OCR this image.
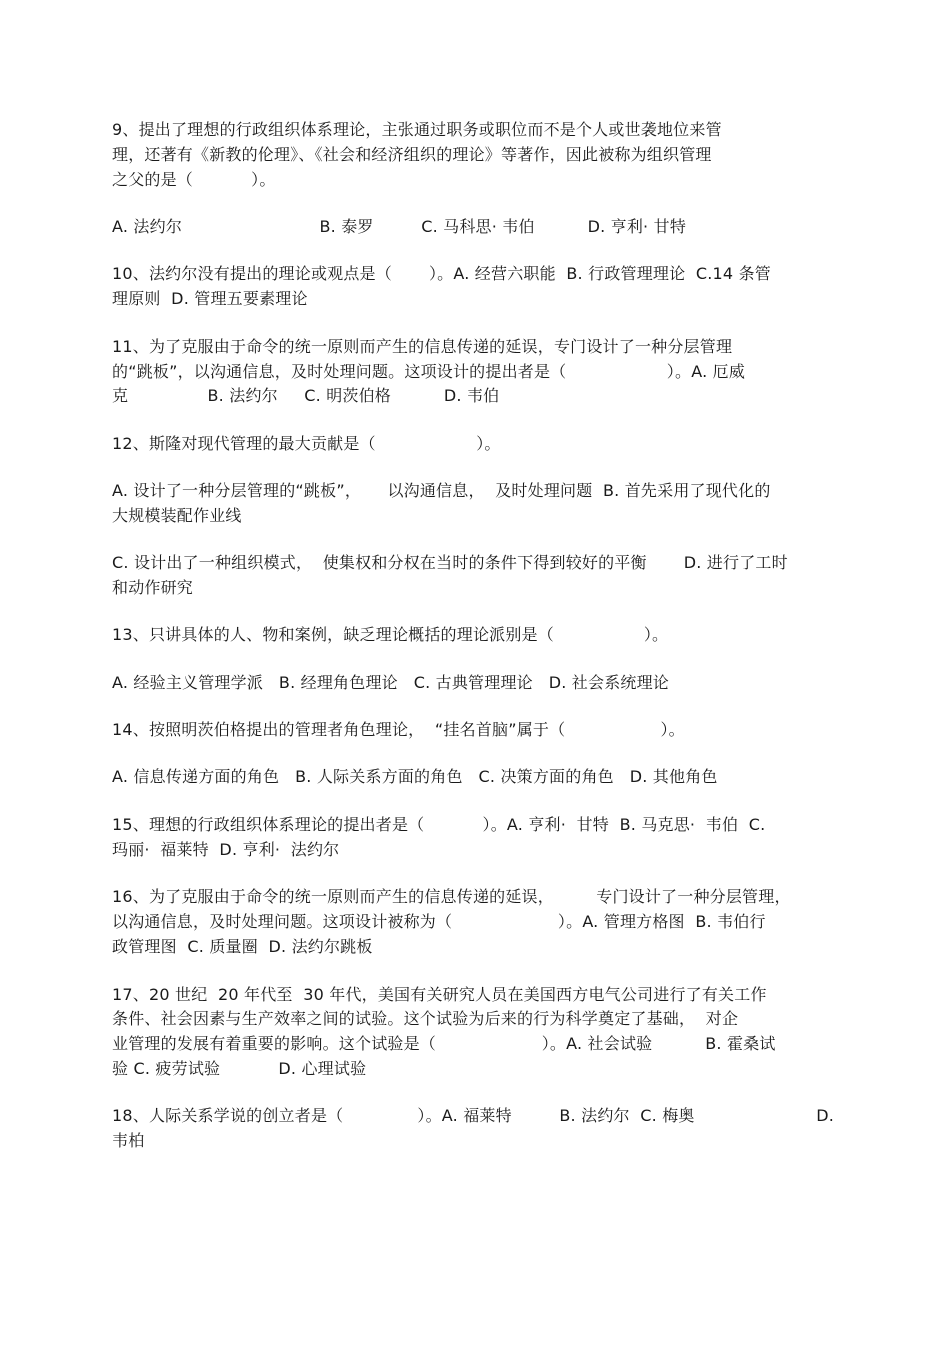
9、提出了理想的行政组织体系理论，主张通过职务或职位而不是个人或世袭地位来管
理，还著有《新教的伦理》、《社会和经济组织的理论》等著作，因此被称为组织管理
之父的是（           ）。
A. 法约尔                          B. 泰罗         C. 马科思· 韦伯          D. 亨利· 甘特
10、法约尔没有提出的理论或观点是（       ）。A. 经营六职能  B. 行政管理理论  C.14 条管
理原则  D. 管理五要素理论
11、为了克服由于命令的统一原则而产生的信息传递的延误，专门设计了一种分层管理
的“跳板”，以沟通信息，及时处理问题。这项设计的提出者是（                   ）。A. 厄威
克               B. 法约尔     C. 明茨伯格          D. 韦伯
12、斯隆对现代管理的最大贡献是（                   ）。
A. 设计了一种分层管理的“跳板”，     以沟通信息，  及时处理问题  B. 首先采用了现代化的
大规模装配作业线
C. 设计出了一种组织模式，  使集权和分权在当时的条件下得到较好的平衡       D. 进行了工时
和动作研究
13、只讲具体的人、物和案例，缺乏理论概括的理论派别是（                 ）。
A. 经验主义管理学派   B. 经理角色理论   C. 古典管理理论   D. 社会系统理论
14、按照明茨伯格提出的管理者角色理论，  “挂名首脑”属于（                  ）。
A. 信息传递方面的角色   B. 人际关系方面的角色   C. 决策方面的角色   D. 其他角色
15、理想的行政组织体系理论的提出者是（           ）。A. 亨利·  甘特  B. 马克思·  韦伯  C.
玛丽·  福莱特  D. 亨利·  法约尔
16、为了克服由于命令的统一原则而产生的信息传递的延误，        专门设计了一种分层管理，
以沟通信息，及时处理问题。这项设计被称为（                    ）。A. 管理方格图  B. 韦伯行
政管理图  C. 质量圈  D. 法约尔跳板
17、20 世纪  20 年代至  30 年代，美国有关研究人员在美国西方电气公司进行了有关工作
条件、社会因素与生产效率之间的试验。这个试验为后来的行为科学奠定了基础，  对企
业管理的发展有着重要的影响。这个试验是（                    ）。A. 社会试验          B. 霍桑试
验 C. 疲劳试验           D. 心理试验
18、人际关系学说的创立者是（              ）。A. 福莱特         B. 法约尔  C. 梅奥                       D.
韦柏
